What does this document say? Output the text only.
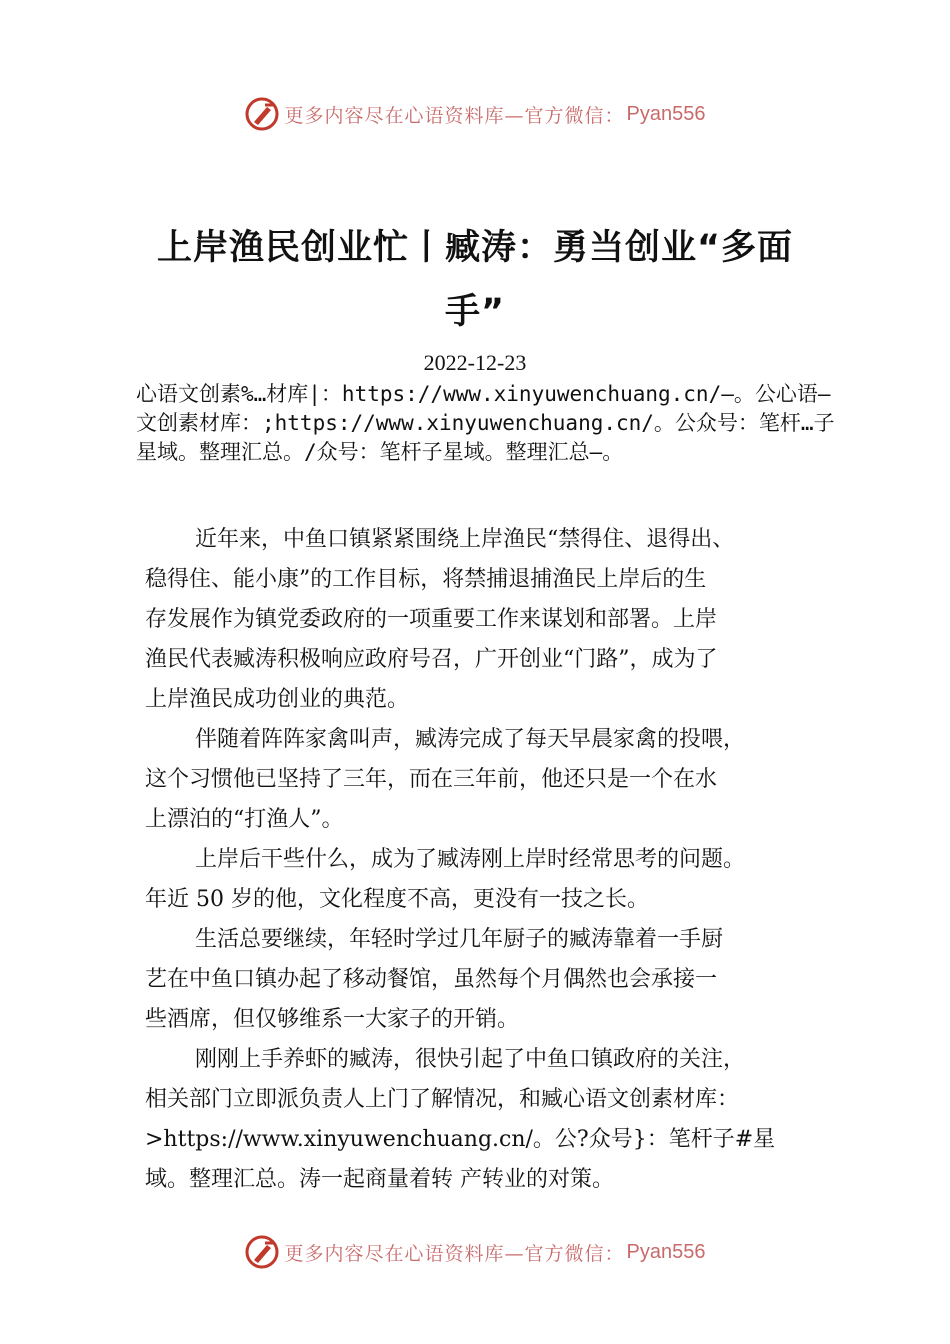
更多内容尽在心语资料库—官方微信： Pyan556
上岸渔民创业忙丨臧涛：勇当创业“多面
手”
2022-12-23
心语文创素%…材库|：https://www.xinyuwenchuang.cn/—。公心语—文创素材库：;https://www.xinyuwenchuang.cn/。公众号：笔杆…子星域。整理汇总。/众号：笔杆子星域。整理汇总—。

近年来，中鱼口镇紧紧围绕上岸渔民“禁得住、退得出、
稳得住、能小康”的工作目标，将禁捕退捕渔民上岸后的生
存发展作为镇党委政府的一项重要工作来谋划和部署。上岸
渔民代表臧涛积极响应政府号召，广开创业“门路”，成为了
上岸渔民成功创业的典范。

伴随着阵阵家禽叫声，臧涛完成了每天早晨家禽的投喂，
这个习惯他已坚持了三年，而在三年前，他还只是一个在水
上漂泊的“打渔人”。

上岸后干些什么，成为了臧涛刚上岸时经常思考的问题。
年近 50 岁的他，文化程度不高，更没有一技之长。

生活总要继续，年轻时学过几年厨子的臧涛靠着一手厨
艺在中鱼口镇办起了移动餐馆，虽然每个月偶然也会承接一
些酒席，但仅够维系一大家子的开销。

刚刚上手养虾的臧涛，很快引起了中鱼口镇政府的关注，
相关部门立即派负责人上门了解情况，和臧心语文创素材库：
>https://www.xinyuwenchuang.cn/。公?众号}：笔杆子#星
域。整理汇总。涛一起商量着转 产转业的对策。

更多内容尽在心语资料库—官方微信： Pyan556
